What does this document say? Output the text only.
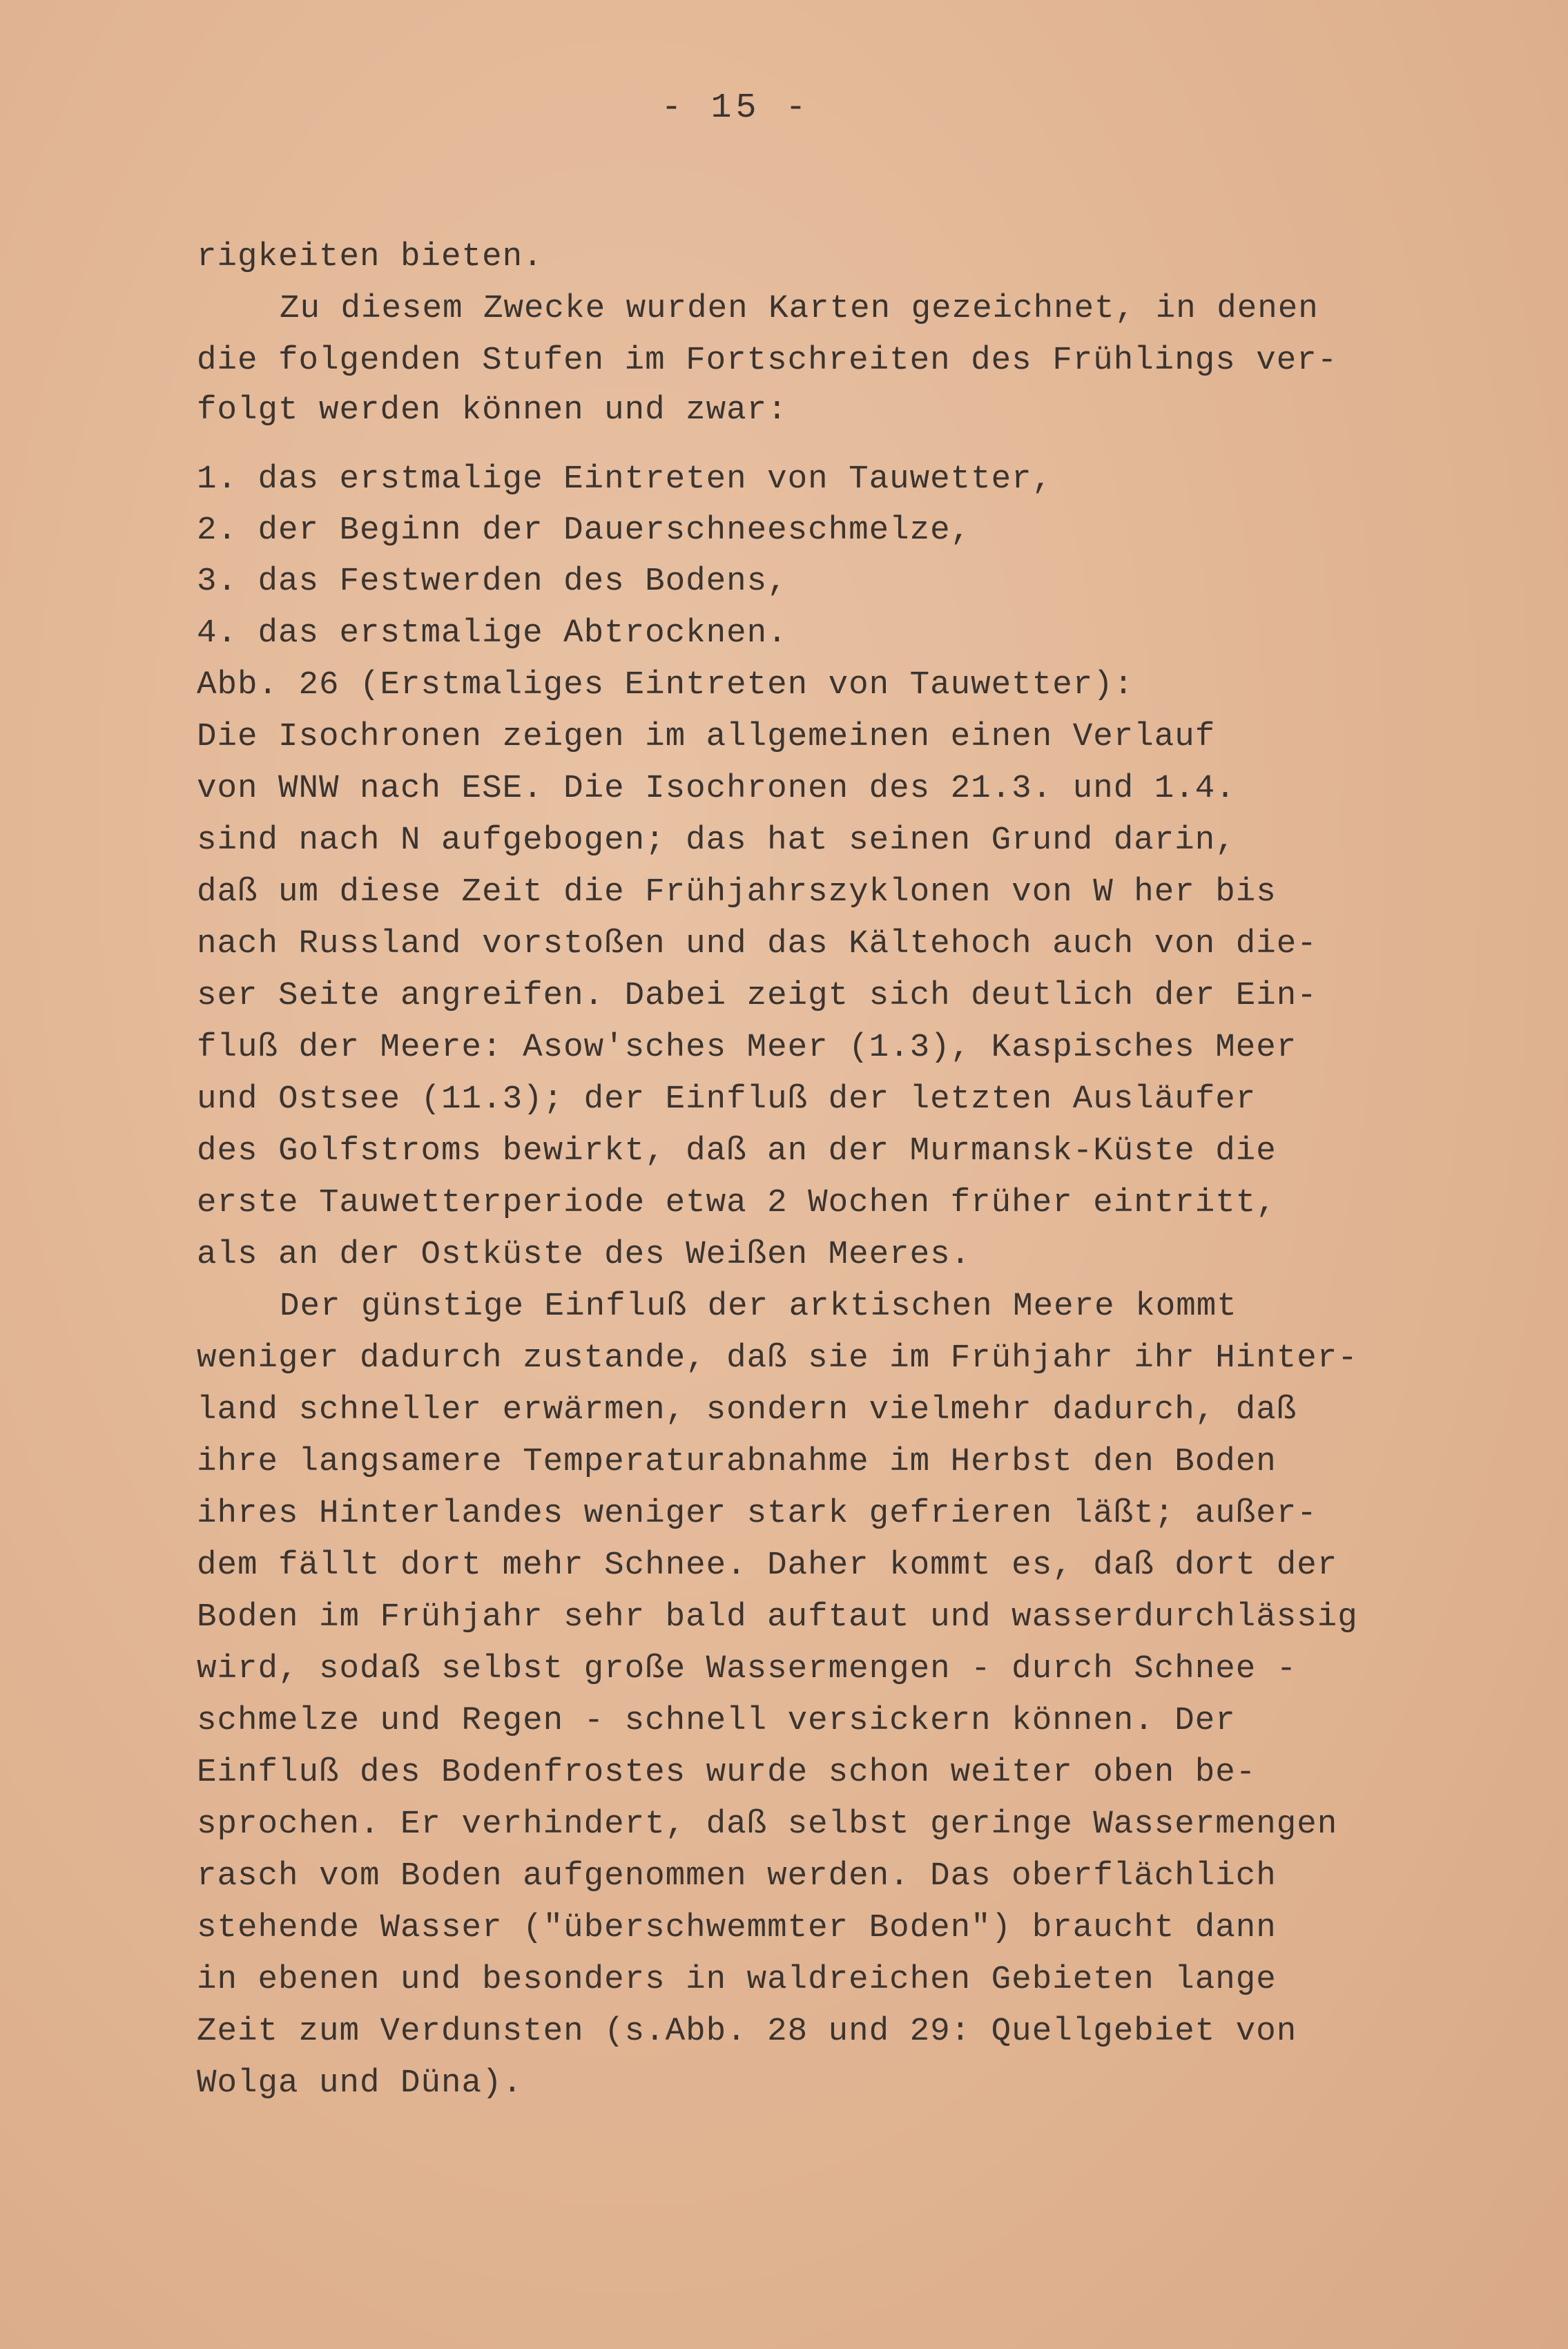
- 15 -
rigkeiten bieten.
Zu diesem Zwecke wurden Karten gezeichnet, in denen
die folgenden Stufen im Fortschreiten des Frühlings ver-
folgt werden können und zwar:
1. das erstmalige Eintreten von Tauwetter,
2. der Beginn der Dauerschneeschmelze,
3. das Festwerden des Bodens,
4. das erstmalige Abtrocknen.
Abb. 26 (Erstmaliges Eintreten von Tauwetter):
Die Isochronen zeigen im allgemeinen einen Verlauf
von WNW nach ESE. Die Isochronen des 21.3. und 1.4.
sind nach N aufgebogen; das hat seinen Grund darin,
daß um diese Zeit die Frühjahrszyklonen von W her bis
nach Russland vorstoßen und das Kältehoch auch von die-
ser Seite angreifen. Dabei zeigt sich deutlich der Ein-
fluß der Meere: Asow'sches Meer (1.3), Kaspisches Meer
und Ostsee (11.3); der Einfluß der letzten Ausläufer
des Golfstroms bewirkt, daß an der Murmansk-Küste die
erste Tauwetterperiode etwa 2 Wochen früher eintritt,
als an der Ostküste des Weißen Meeres.
Der günstige Einfluß der arktischen Meere kommt
weniger dadurch zustande, daß sie im Frühjahr ihr Hinter-
land schneller erwärmen, sondern vielmehr dadurch, daß
ihre langsamere Temperaturabnahme im Herbst den Boden
ihres Hinterlandes weniger stark gefrieren läßt; außer-
dem fällt dort mehr Schnee. Daher kommt es, daß dort der
Boden im Frühjahr sehr bald auftaut und wasserdurchlässig
wird, sodaß selbst große Wassermengen - durch Schnee -
schmelze und Regen - schnell versickern können. Der
Einfluß des Bodenfrostes wurde schon weiter oben be-
sprochen. Er verhindert, daß selbst geringe Wassermengen
rasch vom Boden aufgenommen werden. Das oberflächlich
stehende Wasser ("überschwemmter Boden") braucht dann
in ebenen und besonders in waldreichen Gebieten lange
Zeit zum Verdunsten (s.Abb. 28 und 29: Quellgebiet von
Wolga und Düna).
